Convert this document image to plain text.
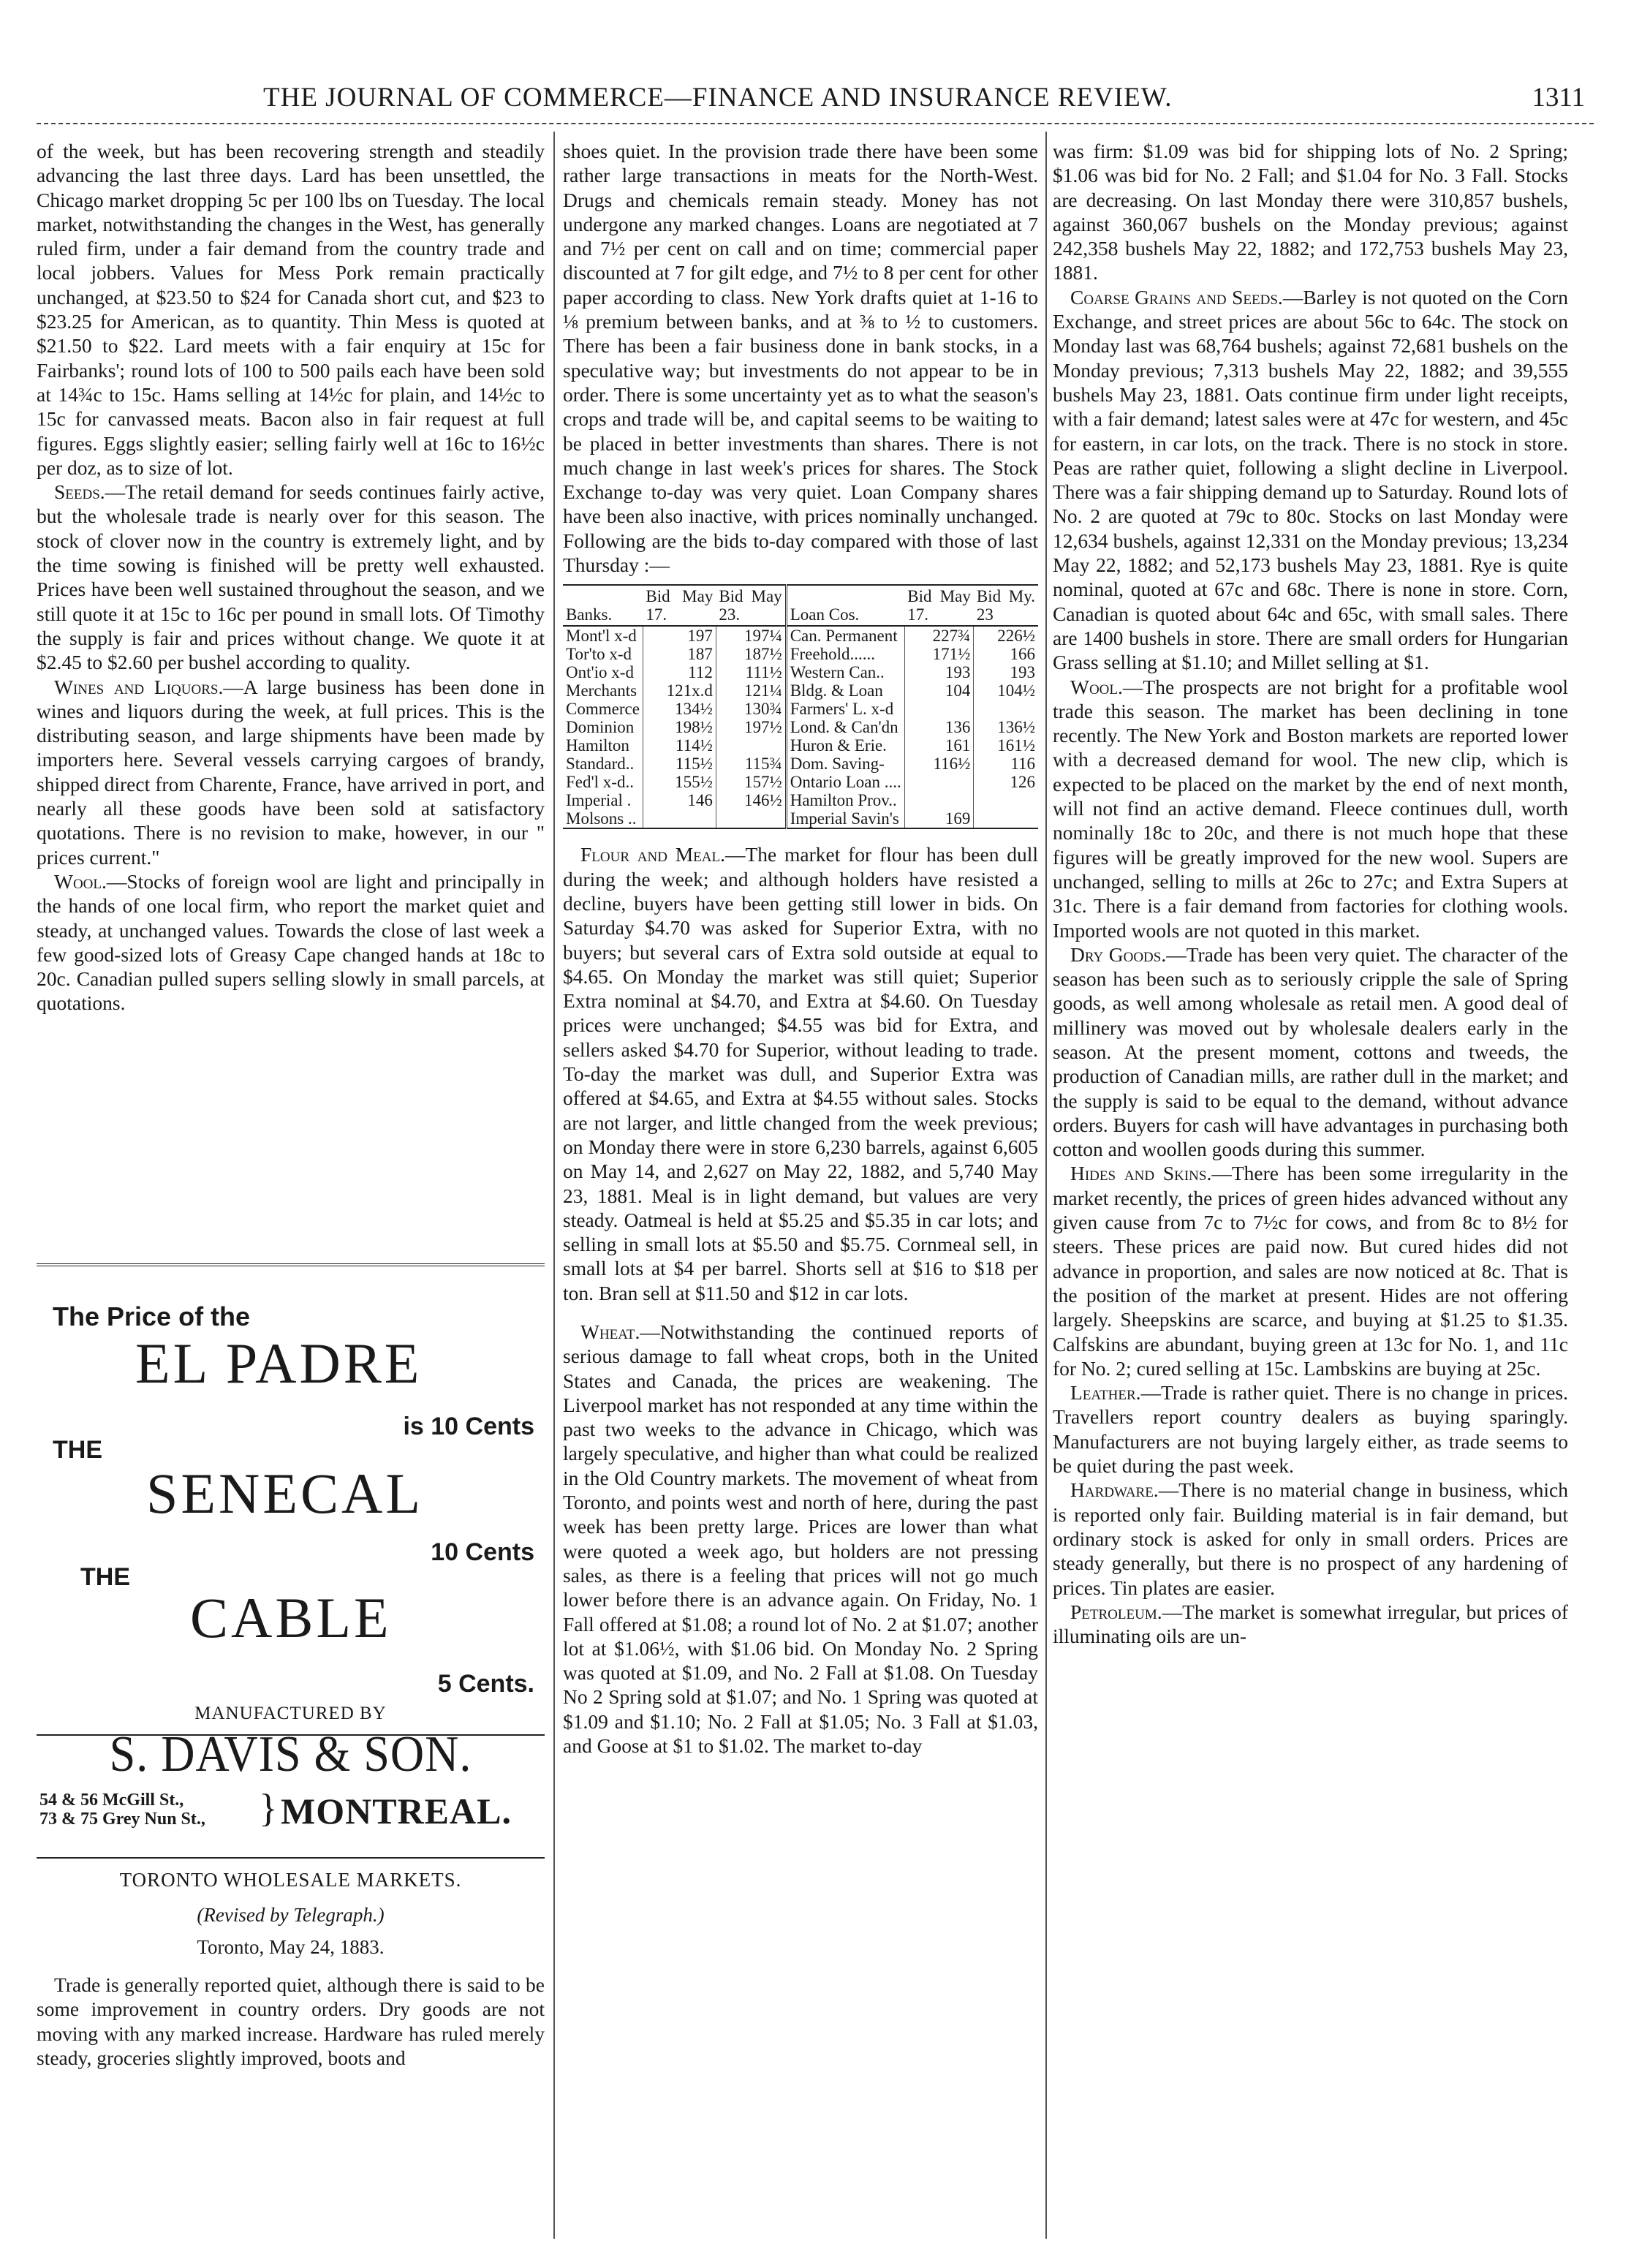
THE JOURNAL OF COMMERCE—FINANCE AND INSURANCE REVIEW.	1311

of the week, but has been recovering strength and steadily advancing the last three days. Lard has been unsettled, the Chicago market dropping 5c per 100 lbs on Tuesday. The local market, notwithstanding the changes in the West, has generally ruled firm, under a fair demand from the country trade and local jobbers. Values for Mess Pork remain practically unchanged, at $23.50 to $24 for Canada short cut, and $23 to $23.25 for American, as to quantity. Thin Mess is quoted at $21.50 to $22. Lard meets with a fair enquiry at 15c for Fairbanks'; round lots of 100 to 500 pails each have been sold at 14¾c to 15c. Hams selling at 14½c for plain, and 14½c to 15c for canvassed meats. Bacon also in fair request at full figures. Eggs slightly easier; selling fairly well at 16c to 16½c per doz, as to size of lot.

Seeds.—The retail demand for seeds continues fairly active, but the wholesale trade is nearly over for this season. The stock of clover now in the country is extremely light, and by the time sowing is finished will be pretty well exhausted. Prices have been well sustained throughout the season, and we still quote it at 15c to 16c per pound in small lots. Of Timothy the supply is fair and prices without change. We quote it at $2.45 to $2.60 per bushel according to quality.

Wines and Liquors.—A large business has been done in wines and liquors during the week, at full prices. This is the distributing season, and large shipments have been made by importers here. Several vessels carrying cargoes of brandy, shipped direct from Charente, France, have arrived in port, and nearly all these goods have been sold at satisfactory quotations. There is no revision to make, however, in our " prices current."

Wool.—Stocks of foreign wool are light and principally in the hands of one local firm, who report the market quiet and steady, at unchanged values. Towards the close of last week a few good-sized lots of Greasy Cape changed hands at 18c to 20c. Canadian pulled supers selling slowly in small parcels, at quotations.

The Price of the
EL PADRE
is 10 Cents
THE
SENECAL
10 Cents
THE
CABLE
5 Cents.
MANUFACTURED BY
S. DAVIS & SON.
54 & 56 McGill St.,
73 & 75 Grey Nun St., } MONTREAL.
TORONTO WHOLESALE MARKETS.
(Revised by Telegraph.)
Toronto, May 24, 1883.
Trade is generally reported quiet, although there is said to be some improvement in country orders. Dry goods are not moving with any marked increase. Hardware has ruled merely steady, groceries slightly improved, boots and

shoes quiet. In the provision trade there have been some rather large transactions in meats for the North-West. Drugs and chemicals remain steady. Money has not undergone any marked changes. Loans are negotiated at 7 and 7½ per cent on call and on time; commercial paper discounted at 7 for gilt edge, and 7½ to 8 per cent for other paper according to class. New York drafts quiet at 1-16 to ⅛ premium between banks, and at ⅜ to ½ to customers. There has been a fair business done in bank stocks, in a speculative way; but investments do not appear to be in order. There is some uncertainty yet as to what the season's crops and trade will be, and capital seems to be waiting to be placed in better investments than shares. There is not much change in last week's prices for shares. The Stock Exchange to-day was very quiet. Loan Company shares have been also inactive, with prices nominally unchanged. Following are the bids to-day compared with those of last Thursday :—

Banks.	Bid May 17.	Bid May 23.	Loan Cos.	Bid May 17.	Bid My. 23
Mont'l x-d	197	197¼	Can. Permanent	227¾	226½
Tor'to x-d	187	187½	Freehold......	171½	166
Ont'io x-d	112	111½	Western Can..	193	193
Merchants	121x.d	121¼	Bldg. & Loan	104	104½
Commerce	134½	130¾	Farmers' L. x-d		
Dominion	198½	197½	Lond. & Can'dn	136	136½
Hamilton	114½		Huron & Erie.	161	161½
Standard..	115½	115¾	Dom. Saving-	116½	116
Fed'l x-d..	155½	157½	Ontario Loan ....		126
Imperial .	146	146½	Hamilton Prov..		
Molsons ..			Imperial Savin's	169	

Flour and Meal.—The market for flour has been dull during the week; and although holders have resisted a decline, buyers have been getting still lower in bids. On Saturday $4.70 was asked for Superior Extra, with no buyers; but several cars of Extra sold outside at equal to $4.65. On Monday the market was still quiet; Superior Extra nominal at $4.70, and Extra at $4.60. On Tuesday prices were unchanged; $4.55 was bid for Extra, and sellers asked $4.70 for Superior, without leading to trade. To-day the market was dull, and Superior Extra was offered at $4.65, and Extra at $4.55 without sales. Stocks are not larger, and little changed from the week previous; on Monday there were in store 6,230 barrels, against 6,605 on May 14, and 2,627 on May 22, 1882, and 5,740 May 23, 1881. Meal is in light demand, but values are very steady. Oatmeal is held at $5.25 and $5.35 in car lots; and selling in small lots at $5.50 and $5.75. Cornmeal sell, in small lots at $4 per barrel. Shorts sell at $16 to $18 per ton. Bran sell at $11.50 and $12 in car lots.

Wheat.—Notwithstanding the continued reports of serious damage to fall wheat crops, both in the United States and Canada, the prices are weakening. The Liverpool market has not responded at any time within the past two weeks to the advance in Chicago, which was largely speculative, and higher than what could be realized in the Old Country markets. The movement of wheat from Toronto, and points west and north of here, during the past week has been pretty large. Prices are lower than what were quoted a week ago, but holders are not pressing sales, as there is a feeling that prices will not go much lower before there is an advance again. On Friday, No. 1 Fall offered at $1.08; a round lot of No. 2 at $1.07; another lot at $1.06½, with $1.06 bid. On Monday No. 2 Spring was quoted at $1.09, and No. 2 Fall at $1.08. On Tuesday No 2 Spring sold at $1.07; and No. 1 Spring was quoted at $1.09 and $1.10; No. 2 Fall at $1.05; No. 3 Fall at $1.03, and Goose at $1 to $1.02. The market to-day

was firm: $1.09 was bid for shipping lots of No. 2 Spring; $1.06 was bid for No. 2 Fall; and $1.04 for No. 3 Fall. Stocks are decreasing. On last Monday there were 310,857 bushels, against 360,067 bushels on the Monday previous; against 242,358 bushels May 22, 1882; and 172,753 bushels May 23, 1881.

Coarse Grains and Seeds.—Barley is not quoted on the Corn Exchange, and street prices are about 56c to 64c. The stock on Monday last was 68,764 bushels; against 72,681 bushels on the Monday previous; 7,313 bushels May 22, 1882; and 39,555 bushels May 23, 1881. Oats continue firm under light receipts, with a fair demand; latest sales were at 47c for western, and 45c for eastern, in car lots, on the track. There is no stock in store. Peas are rather quiet, following a slight decline in Liverpool. There was a fair shipping demand up to Saturday. Round lots of No. 2 are quoted at 79c to 80c. Stocks on last Monday were 12,634 bushels, against 12,331 on the Monday previous; 13,234 May 22, 1882; and 52,173 bushels May 23, 1881. Rye is quite nominal, quoted at 67c and 68c. There is none in store. Corn, Canadian is quoted about 64c and 65c, with small sales. There are 1400 bushels in store. There are small orders for Hungarian Grass selling at $1.10; and Millet selling at $1.

Wool.—The prospects are not bright for a profitable wool trade this season. The market has been declining in tone recently. The New York and Boston markets are reported lower with a decreased demand for wool. The new clip, which is expected to be placed on the market by the end of next month, will not find an active demand. Fleece continues dull, worth nominally 18c to 20c, and there is not much hope that these figures will be greatly improved for the new wool. Supers are unchanged, selling to mills at 26c to 27c; and Extra Supers at 31c. There is a fair demand from factories for clothing wools. Imported wools are not quoted in this market.

Dry Goods.—Trade has been very quiet. The character of the season has been such as to seriously cripple the sale of Spring goods, as well among wholesale as retail men. A good deal of millinery was moved out by wholesale dealers early in the season. At the present moment, cottons and tweeds, the production of Canadian mills, are rather dull in the market; and the supply is said to be equal to the demand, without advance orders. Buyers for cash will have advantages in purchasing both cotton and woollen goods during this summer.

Hides and Skins.—There has been some irregularity in the market recently, the prices of green hides advanced without any given cause from 7c to 7½c for cows, and from 8c to 8½ for steers. These prices are paid now. But cured hides did not advance in proportion, and sales are now noticed at 8c. That is the position of the market at present. Hides are not offering largely. Sheepskins are scarce, and buying at $1.25 to $1.35. Calfskins are abundant, buying green at 13c for No. 1, and 11c for No. 2; cured selling at 15c. Lambskins are buying at 25c.

Leather.—Trade is rather quiet. There is no change in prices. Travellers report country dealers as buying sparingly. Manufacturers are not buying largely either, as trade seems to be quiet during the past week.

Hardware.—There is no material change in business, which is reported only fair. Building material is in fair demand, but ordinary stock is asked for only in small orders. Prices are steady generally, but there is no prospect of any hardening of prices. Tin plates are easier.

Petroleum.—The market is somewhat irregular, but prices of illuminating oils are un-
